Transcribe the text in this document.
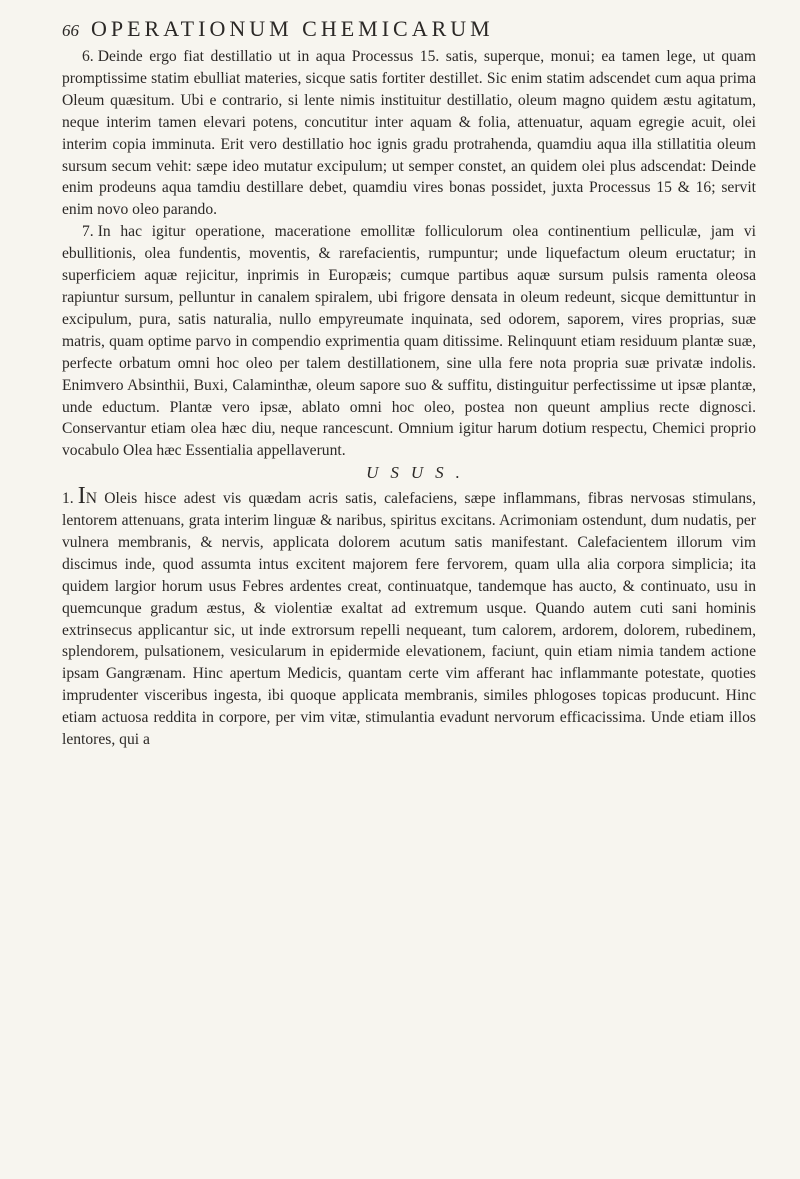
66 OPERATIONUM CHEMICARUM

6. Deinde ergo fiat destillatio ut in aqua Processus 15. satis, superque, monui; ea tamen lege, ut quam promptissime statim ebulliat materies, sicque satis fortiter destillet. Sic enim statim adscendet cum aqua prima Oleum quæsitum. Ubi e contrario, si lente nimis instituitur destillatio, oleum magno quidem æstu agitatum, neque interim tamen elevari potens, concutitur inter aquam & folia, attenuatur, aquam egregie acuit, olei interim copia imminuta. Erit vero destillatio hoc ignis gradu protrahenda, quamdiu aqua illa stillatitia oleum sursum secum vehit: sæpe ideo mutatur excipulum; ut semper constet, an quidem olei plus adscendat: Deinde enim prodeuns aqua tamdiu destillare debet, quamdiu vires bonas possidet, juxta Processus 15 & 16; servit enim novo oleo parando.

7. In hac igitur operatione, maceratione emollitæ folliculorum olea continentium pelliculæ, jam vi ebullitionis, olea fundentis, moventis, & rarefacientis, rumpuntur; unde liquefactum oleum eructatur; in superficiem aquæ rejicitur, inprimis in Europæis; cumque partibus aquæ sursum pulsis ramenta oleosa rapiuntur sursum, pelluntur in canalem spiralem, ubi frigore densata in oleum redeunt, sicque demittuntur in excipulum, pura, satis naturalia, nullo empyreumate inquinata, sed odorem, saporem, vires proprias, suæ matris, quam optime parvo in compendio exprimentia quam ditissime. Relinquunt etiam residuum plantæ suæ, perfecte orbatum omni hoc oleo per talem destillationem, sine ulla fere nota propria suæ privatæ indolis. Enimvero Absinthii, Buxi, Calaminthæ, oleum sapore suo & suffitu, distinguitur perfectissime ut ipsæ plantæ, unde eductum. Plantæ vero ipsæ, ablato omni hoc oleo, postea non queunt amplius recte dignosci. Conservantur etiam olea hæc diu, neque rancescunt. Omnium igitur harum dotium respectu, Chemici proprio vocabulo Olea hæc Essentialia appellaverunt.

USUS.

1. IN Oleis hisce adest vis quædam acris satis, calefaciens, sæpe inflammans, fibras nervosas stimulans, lentorem attenuans, grata interim linguæ & naribus, spiritus excitans. Acrimoniam ostendunt, dum nudatis, per vulnera membranis, & nervis, applicata dolorem acutum satis manifestant. Calefacientem illorum vim discimus inde, quod assumta intus excitent majorem fere fervorem, quam ulla alia corpora simplicia; ita quidem largior horum usus Febres ardentes creat, continuatque, tandemque has aucto, & continuato, usu in quemcunque gradum æstus, & violentiæ exaltat ad extremum usque. Quando autem cuti sani hominis extrinsecus applicantur sic, ut inde extrorsum repelli nequeant, tum calorem, ardorem, dolorem, rubedinem, splendorem, pulsationem, vesicularum in epidermide elevationem, faciunt, quin etiam nimia tandem actione ipsam Gangrænam. Hinc apertum Medicis, quantam certe vim afferant hac inflammante potestate, quoties imprudenter visceribus ingesta, ibi quoque applicata membranis, similes phlogoses topicas producunt. Hinc etiam actuosa reddita in corpore, per vim vitæ, stimulantia evadunt nervorum efficacissima. Unde etiam illos lentores, qui a
